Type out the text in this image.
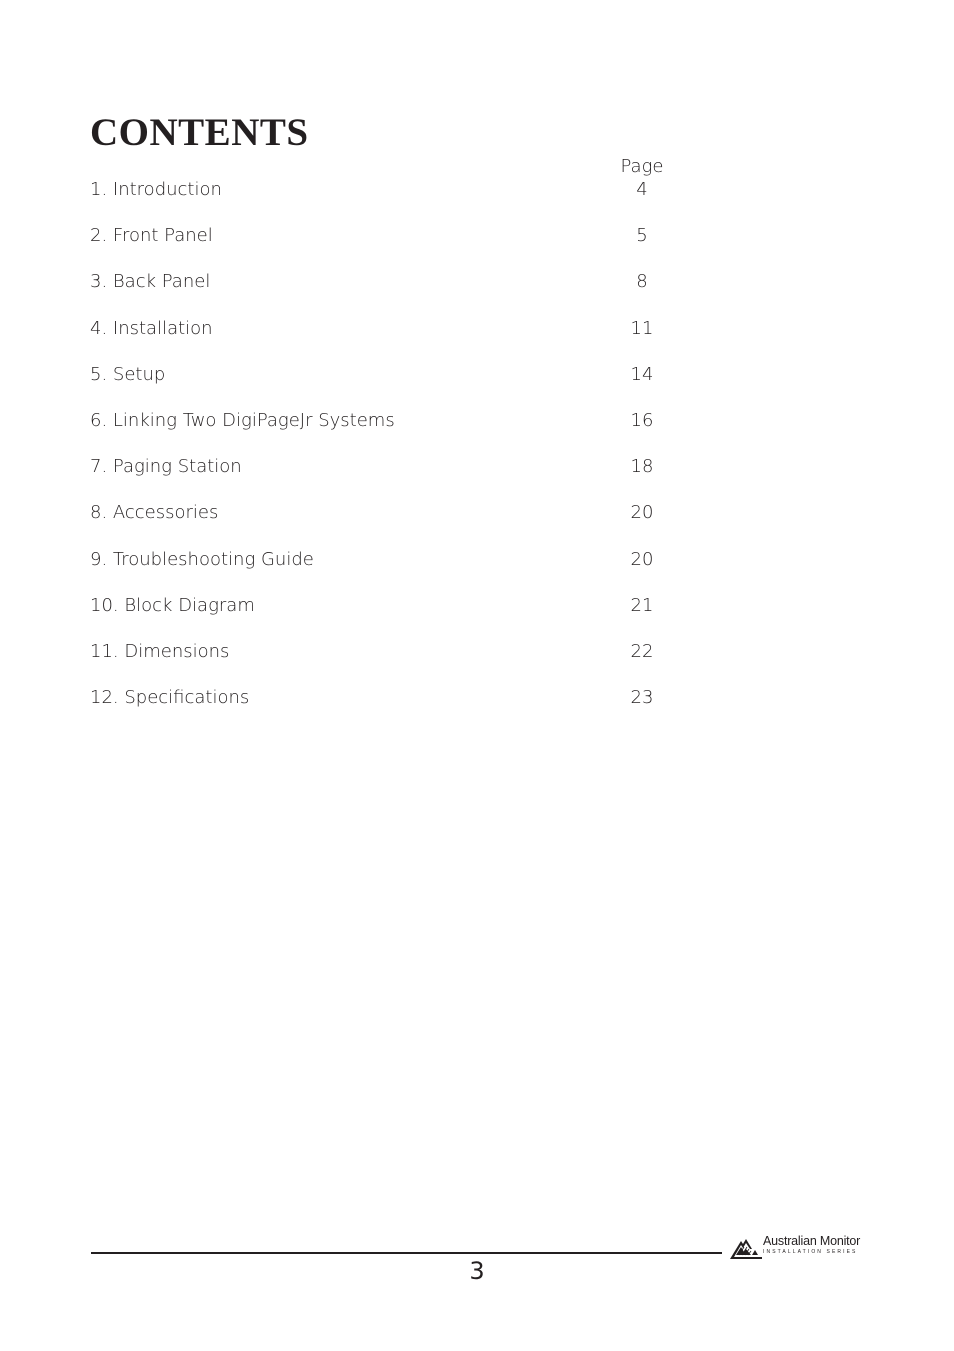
CONTENTS
Page
1. Introduction	4
2. Front Panel	5
3. Back Panel	8
4. Installation	11
5. Setup	14
6. Linking Two DigiPageJr Systems	16
7. Paging Station	18
8. Accessories	20
9. Troubleshooting Guide	20
10. Block Diagram	21
11. Dimensions	22
12. Specifications	23
3
Australian Monitor
INSTALLATION SERIES
